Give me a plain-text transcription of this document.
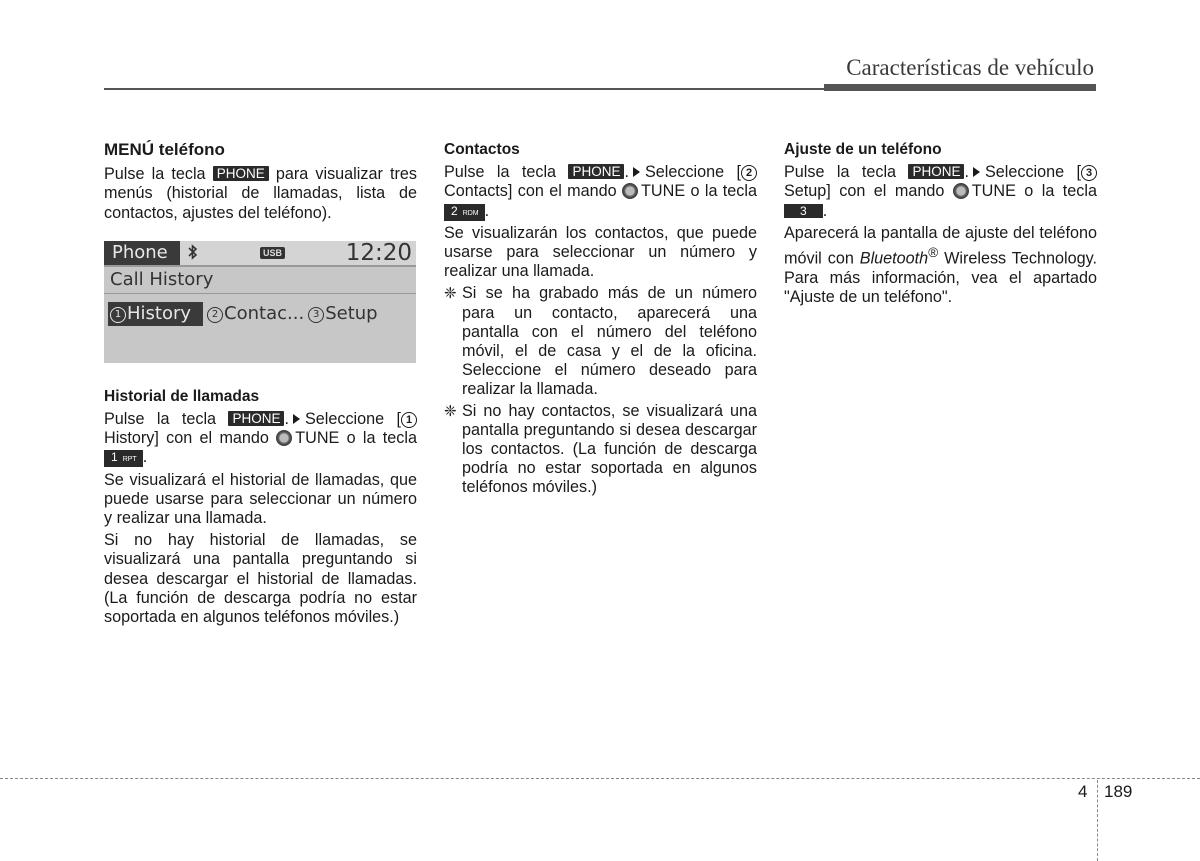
Características de vehículo
MENÚ teléfono

Pulse la tecla PHONE para visualizar tres menús (historial de llamadas, lista de contactos, ajustes del teléfono).

Phone	USB	12:20
Call History
1 History	2 Contac... 3 Setup
Historial de llamadas

Pulse la tecla PHONE . Seleccione [ 1 History] con el mando TUNE o la tecla 1 RPT .

Se visualizará el historial de llamadas, que puede usarse para seleccionar un número y realizar una llamada.

Si no hay historial de llamadas, se visualizará una pantalla preguntando si desea descargar el historial de llamadas. (La función de descarga podría no estar soportada en algunos teléfonos móviles.)

Contactos

Pulse la tecla PHONE . Seleccione [ 2 Contacts] con el mando TUNE o la tecla 2 RDM .

Se visualizarán los contactos, que puede usarse para seleccionar un número y realizar una llamada.

❈ Si se ha grabado más de un número para un contacto, aparecerá una pantalla con el número del teléfono móvil, el de casa y el de la oficina. Seleccione el número deseado para realizar la llamada.
❈ Si no hay contactos, se visualizará una pantalla preguntando si desea descargar los contactos. (La función de descarga podría no estar soportada en algunos teléfonos móviles.)
Ajuste de un teléfono

Pulse la tecla PHONE . Seleccione [ 3 Setup] con el mando TUNE o la tecla 3 .

Aparecerá la pantalla de ajuste del teléfono móvil con Bluetooth® Wireless Technology. Para más información, vea el apartado "Ajuste de un teléfono".

4 189
